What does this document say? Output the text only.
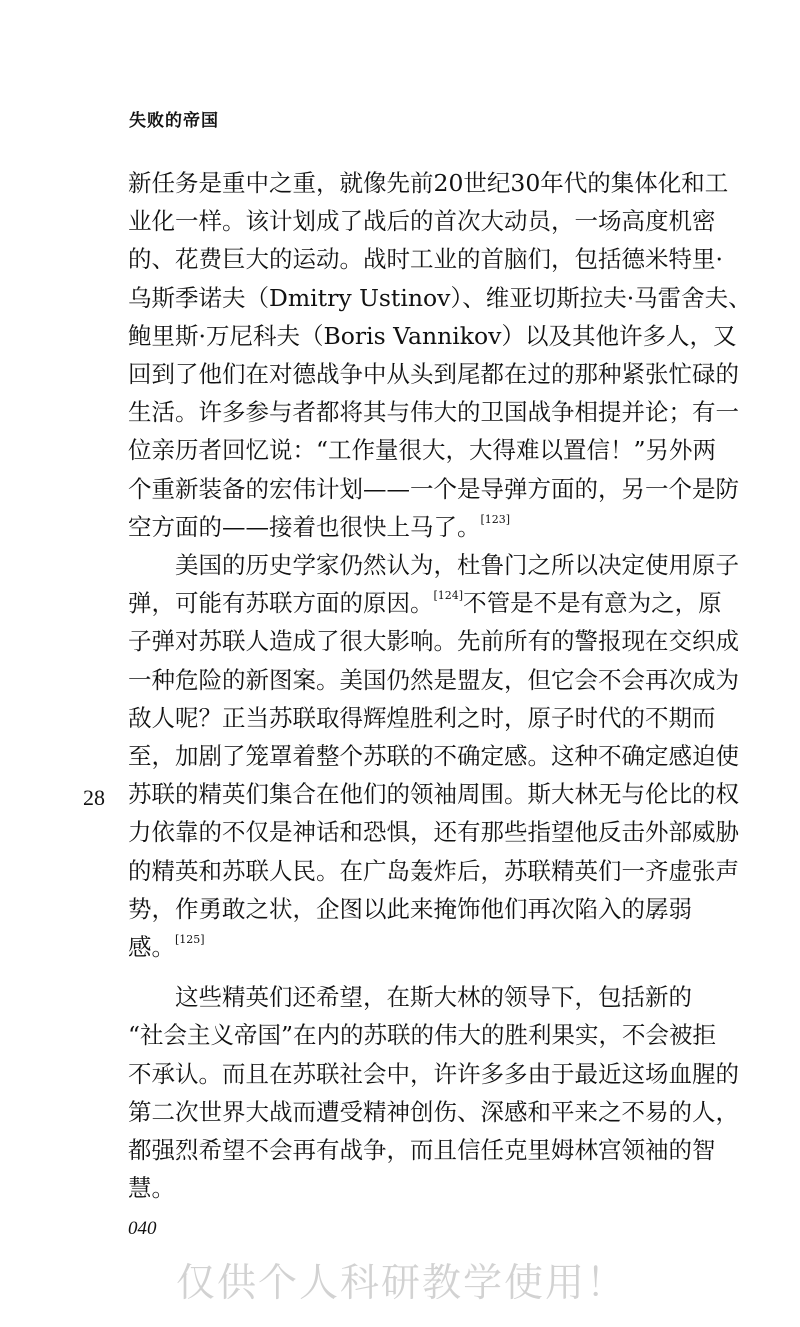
失败的帝国
新任务是重中之重，就像先前20世纪30年代的集体化和工
业化一样。该计划成了战后的首次大动员，一场高度机密
的、花费巨大的运动。战时工业的首脑们，包括德米特里·
乌斯季诺夫（Dmitry Ustinov）、维亚切斯拉夫·马雷舍夫、
鲍里斯·万尼科夫（Boris Vannikov）以及其他许多人，又
回到了他们在对德战争中从头到尾都在过的那种紧张忙碌的
生活。许多参与者都将其与伟大的卫国战争相提并论；有一
位亲历者回忆说：“工作量很大，大得难以置信！”另外两
个重新装备的宏伟计划——一个是导弹方面的，另一个是防
空方面的——接着也很快上马了。[123]
美国的历史学家仍然认为，杜鲁门之所以决定使用原子
弹，可能有苏联方面的原因。[124]不管是不是有意为之，原
子弹对苏联人造成了很大影响。先前所有的警报现在交织成
一种危险的新图案。美国仍然是盟友，但它会不会再次成为
敌人呢？正当苏联取得辉煌胜利之时，原子时代的不期而
至，加剧了笼罩着整个苏联的不确定感。这种不确定感迫使
苏联的精英们集合在他们的领袖周围。斯大林无与伦比的权
力依靠的不仅是神话和恐惧，还有那些指望他反击外部威胁
的精英和苏联人民。在广岛轰炸后，苏联精英们一齐虚张声
势，作勇敢之状，企图以此来掩饰他们再次陷入的孱弱
感。[125]
这些精英们还希望，在斯大林的领导下，包括新的
“社会主义帝国”在内的苏联的伟大的胜利果实，不会被拒
不承认。而且在苏联社会中，许许多多由于最近这场血腥的
第二次世界大战而遭受精神创伤、深感和平来之不易的人，
都强烈希望不会再有战争，而且信任克里姆林宫领袖的智
慧。
28
040
仅供个人科研教学使用！
